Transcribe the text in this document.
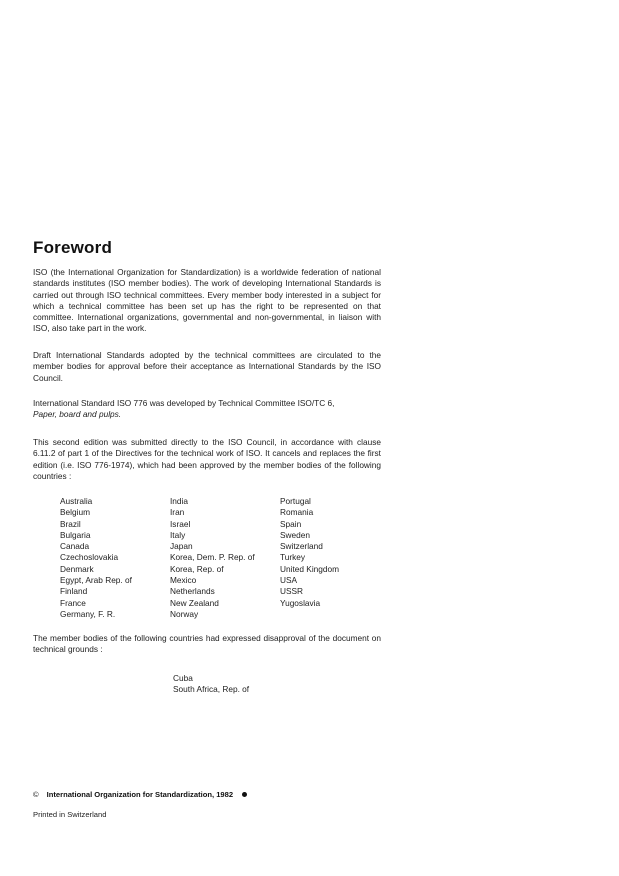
Foreword

ISO (the International Organization for Standardization) is a worldwide federation of national standards institutes (ISO member bodies). The work of developing International Standards is carried out through ISO technical committees. Every member body interested in a subject for which a technical committee has been set up has the right to be represented on that committee. International organizations, governmental and non-governmental, in liaison with ISO, also take part in the work.

Draft International Standards adopted by the technical committees are circulated to the member bodies for approval before their acceptance as International Standards by the ISO Council.

International Standard ISO 776 was developed by Technical Committee ISO/TC 6,
Paper, board and pulps.

This second edition was submitted directly to the ISO Council, in accordance with clause 6.11.2 of part 1 of the Directives for the technical work of ISO. It cancels and replaces the first edition (i.e. ISO 776-1974), which had been approved by the member bodies of the following countries :

Australia
Belgium
Brazil
Bulgaria
Canada
Czechoslovakia
Denmark
Egypt, Arab Rep. of
Finland
France
Germany, F. R.
India
Iran
Israel
Italy
Japan
Korea, Dem. P. Rep. of
Korea, Rep. of
Mexico
Netherlands
New Zealand
Norway
Portugal
Romania
Spain
Sweden
Switzerland
Turkey
United Kingdom
USA
USSR
Yugoslavia

The member bodies of the following countries had expressed disapproval of the document on technical grounds :

Cuba
South Africa, Rep. of
© International Organization for Standardization, 1982
Printed in Switzerland
